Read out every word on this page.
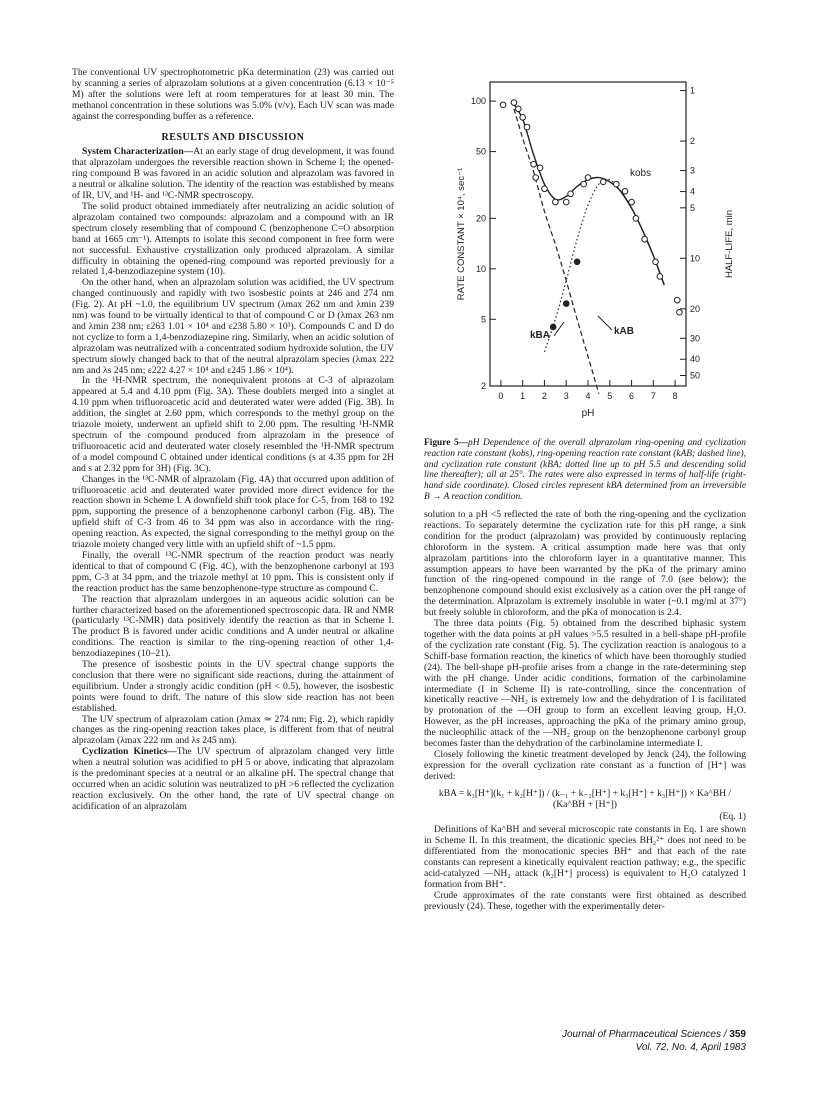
The conventional UV spectrophotometric pKa determination (23) was carried out by scanning a series of alprazolam solutions at a given concentration (6.13 × 10⁻⁵ M) after the solutions were left at room temperatures for at least 30 min. The methanol concentration in these solutions was 5.0% (v/v). Each UV scan was made against the corresponding buffer as a reference.

RESULTS AND DISCUSSION

System Characterization—At an early stage of drug development, it was found that alprazolam undergoes the reversible reaction shown in Scheme I; the opened-ring compound B was favored in an acidic solution and alprazolam was favored in a neutral or alkaline solution. The identity of the reaction was established by means of IR, UV, and ¹H- and ¹³C-NMR spectroscopy.

The solid product obtained immediately after neutralizing an acidic solution of alprazolam contained two compounds: alprazolam and a compound with an IR spectrum closely resembling that of compound C (benzophenone C=O absorption band at 1665 cm⁻¹). Attempts to isolate this second component in free form were not successful. Exhaustive crystallization only produced alprazolam. A similar difficulty in obtaining the opened-ring compound was reported previously for a related 1,4-benzodiazepine system (10).

On the other hand, when an alprazolam solution was acidified, the UV spectrum changed continuously and rapidly with two isosbestic points at 246 and 274 nm (Fig. 2). At pH ~1.0, the equilibrium UV spectrum (λmax 262 nm and λmin 239 nm) was found to be virtually identical to that of compound C or D (λmax 263 nm and λmin 238 nm; ε263 1.01 × 10⁴ and ε238 5.80 × 10³). Compounds C and D do not cyclize to form a 1,4-benzodiazepine ring. Similarly, when an acidic solution of alprazolam was neutralized with a concentrated sodium hydroxide solution, the UV spectrum slowly changed back to that of the neutral alprazolam species (λmax 222 nm and λs 245 nm; ε222 4.27 × 10⁴ and ε245 1.86 × 10⁴).

In the ¹H-NMR spectrum, the nonequivalent protons at C-3 of alprazolam appeared at 5.4 and 4.10 ppm (Fig. 3A). These doublets merged into a singlet at 4.10 ppm when trifluoroacetic acid and deuterated water were added (Fig. 3B). In addition, the singlet at 2.60 ppm, which corresponds to the methyl group on the triazole moiety, underwent an upfield shift to 2.00 ppm. The resulting ¹H-NMR spectrum of the compound produced from alprazolam in the presence of trifluoroacetic acid and deuterated water closely resembled the ¹H-NMR spectrum of a model compound C obtained under identical conditions (s at 4.35 ppm for 2H and s at 2.32 ppm for 3H) (Fig. 3C).

Changes in the ¹³C-NMR of alprazolam (Fig. 4A) that occurred upon addition of trifluoroacetic acid and deuterated water provided more direct evidence for the reaction shown in Scheme I. A downfield shift took place for C-5, from 168 to 192 ppm, supporting the presence of a benzophenone carbonyl carbon (Fig. 4B). The upfield shift of C-3 from 46 to 34 ppm was also in accordance with the ring-opening reaction. As expected, the signal corresponding to the methyl group on the triazole moiety changed very little with an upfield shift of ~1.5 ppm.

Finally, the overall ¹³C-NMR spectrum of the reaction product was nearly identical to that of compound C (Fig. 4C), with the benzophenone carbonyl at 193 ppm, C-3 at 34 ppm, and the triazole methyl at 10 ppm. This is consistent only if the reaction product has the same benzophenone-type structure as compound C.

The reaction that alprazolam undergoes in an aqueous acidic solution can be further characterized based on the aforementioned spectroscopic data. IR and NMR (particularly ¹³C-NMR) data positively identify the reaction as that in Scheme I. The product B is favored under acidic conditions and A under neutral or alkaline conditions. The reaction is similar to the ring-opening reaction of other 1,4-benzodiazepines (10–21).

The presence of isosbestic points in the UV spectral change supports the conclusion that there were no significant side reactions, during the attainment of equilibrium. Under a strongly acidic condition (pH < 0.5), however, the isosbestic points were found to drift. The nature of this slow side reaction has not been established.

The UV spectrum of alprazolam cation (λmax ≃ 274 nm; Fig. 2), which rapidly changes as the ring-opening reaction takes place, is different from that of neutral alprazolam (λmax 222 nm and λs 245 nm).

Cyclization Kinetics—The UV spectrum of alprazolam changed very little when a neutral solution was acidified to pH 5 or above, indicating that alprazolam is the predominant species at a neutral or an alkaline pH. The spectral change that occurred when an acidic solution was neutralized to pH >6 reflected the cyclization reaction exclusively. On the other hand, the rate of UV spectral change on acidification of an alprazolam

0 1 2 3 4 5 6 7 8
2
5
10
20
50
100
1
2
3
4
5
10
20
30
40
50
pH
RATE CONSTANT × 10⁴, sec⁻¹	HALF-LIFE, min
kobs
kBA	kAB
Figure 5—pH Dependence of the overall alprazolam ring-opening and cyclization reaction rate constant (kobs), ring-opening reaction rate constant (kAB; dashed line), and cyclization rate constant (kBA; dotted line up to pH 5.5 and descending solid line thereafter); all at 25°. The rates were also expressed in terms of half-life (right-hand side coordinate). Closed circles represent kBA determined from an irreversible B → A reaction condition.

solution to a pH <5 reflected the rate of both the ring-opening and the cyclization reactions. To separately determine the cyclization rate for this pH range, a sink condition for the product (alprazolam) was provided by continuously replacing chloroform in the system. A critical assumption made here was that only alprazolam partitions into the chloroform layer in a quantitative manner. This assumption appears to have been warranted by the pKa of the primary amino function of the ring-opened compound in the range of 7.0 (see below); the benzophenone compound should exist exclusively as a cation over the pH range of the determination. Alprazolam is extremely insoluble in water (~0.1 mg/ml at 37°) but freely soluble in chloroform, and the pKa of monocation is 2.4.

The three data points (Fig. 5) obtained from the described biphasic system together with the data points at pH values >5.5 resulted in a bell-shape pH-profile of the cyclization rate constant (Fig. 5). The cyclization reaction is analogous to a Schiff-base formation reaction, the kinetics of which have been thoroughly studied (24). The bell-shape pH-profile arises from a change in the rate-determining step with the pH change. Under acidic conditions, formation of the carbinolamine intermediate (I in Scheme II) is rate-controlling, since the concentration of kinetically reactive —NH₂ is extremely low and the dehydration of I is facilitated by protonation of the —OH group to form an excellent leaving group, H₂O. However, as the pH increases, approaching the pKa of the primary amino group, the nucleophilic attack of the —NH₂ group on the benzophenone carbonyl group becomes faster than the dehydration of the carbinolamine intermediate I.

Closely following the kinetic treatment developed by Jenck (24), the following expression for the overall cyclization rate constant as a function of [H⁺] was derived:

kBA = k₃[H⁺](k₁ + k₂[H⁺]) / (k₋₁ + k₋₂[H⁺] + k₃[H⁺] + k₃[H⁺]) × Ka^BH / (Ka^BH + [H⁺])
(Eq. 1)

Definitions of Ka^BH and several microscopic rate constants in Eq. 1 are shown in Scheme II. In this treatment, the dicationic species BH₂²⁺ does not need to be differentiated from the monocationic species BH⁺ and that each of the rate constants can represent a kinetically equivalent reaction pathway; e.g., the specific acid-catalyzed —NH₂ attack (k₂[H⁺] process) is equivalent to H₂O catalyzed I formation from BH⁺.

Crude approximates of the rate constants were first obtained as described previously (24). These, together with the experimentally deter-

Journal of Pharmaceutical Sciences / 359
Vol. 72, No. 4, April 1983
